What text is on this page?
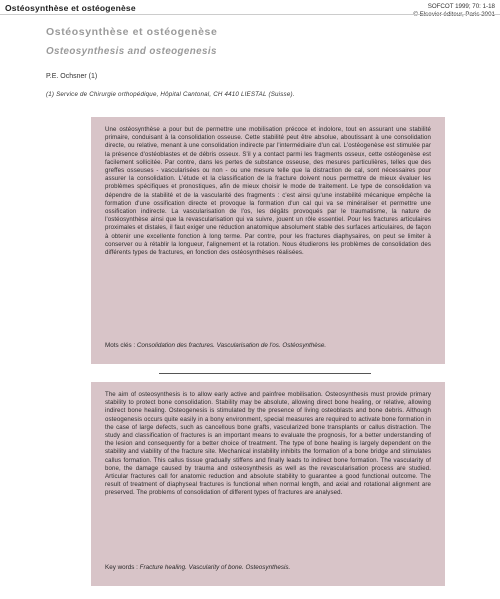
Ostéosynthèse et ostéogenèse	SOFCOT 1999; 70: 1-18
© Elsevier éditeur, Paris 2001
Ostéosynthèse et ostéogenèse
Osteosynthesis and osteogenesis
P.E. Ochsner (1)
(1) Service de Chirurgie orthopédique, Hôpital Cantonal, CH 4410 LIESTAL (Suisse).
Une ostéosynthèse a pour but de permettre une mobilisation précoce et indolore, tout en assurant une stabilité primaire, conduisant à la consolidation osseuse. Cette stabilité peut être absolue, aboutissant à une consolidation directe, ou relative, menant à une consolidation indirecte par l'intermédiaire d'un cal. L'ostéogenèse est stimulée par la présence d'ostéoblastes et de débris osseux. S'il y a contact parmi les fragments osseux, cette ostéogenèse est facilement sollicitée. Par contre, dans les pertes de substance osseuse, des mesures particulières, telles que des greffes osseuses - vascularisées ou non - ou une mesure telle que la distraction de cal, sont nécessaires pour assurer la consolidation. L'étude et la classification de la fracture doivent nous permettre de mieux évaluer les problèmes spécifiques et pronostiques, afin de mieux choisir le mode de traitement. Le type de consolidation va dépendre de la stabilité et de la vascularité des fragments : c'est ainsi qu'une instabilité mécanique empêche la formation d'une ossification directe et provoque la formation d'un cal qui va se minéraliser et permettre une ossification indirecte. La vascularisation de l'os, les dégâts provoqués par le traumatisme, la nature de l'ostéosynthèse ainsi que la revascularisation qui va suivre, jouent un rôle essentiel. Pour les fractures articulaires proximales et distales, il faut exiger une réduction anatomique absolument stable des surfaces articulaires, de façon à obtenir une excellente fonction à long terme. Par contre, pour les fractures diaphysaires, on peut se limiter à conserver ou à rétablir la longueur, l'alignement et la rotation. Nous étudierons les problèmes de consolidation des différents types de fractures, en fonction des ostéosynthèses réalisées.
Mots clés : Consolidation des fractures. Vascularisation de l'os. Ostéosynthèse.
The aim of osteosynthesis is to allow early active and painfree mobilisation. Osteosynthesis must provide primary stability to protect bone consolidation. Stability may be absolute, allowing direct bone healing, or relative, allowing indirect bone healing. Osteogenesis is stimulated by the presence of living osteoblasts and bone debris. Although osteogenesis occurs quite easily in a bony environment, special measures are required to activate bone formation in the case of large defects, such as cancellous bone grafts, vascularized bone transplants or callus distraction. The study and classification of fractures is an important means to evaluate the prognosis, for a better understanding of the lesion and consequently for a better choice of treatment. The type of bone healing is largely dependent on the stability and viability of the fracture site. Mechanical instability inhibits the formation of a bone bridge and stimulates callus formation. This callus tissue gradually stiffens and finally leads to indirect bone formation. The vascularity of bone, the damage caused by trauma and osteosynthesis as well as the revascularisation process are studied. Articular fractures call for anatomic reduction and absolute stability to guarantee a good functional outcome. The result of treatment of diaphyseal fractures is functional when normal length, and axial and rotational alignment are preserved. The problems of consolidation of different types of fractures are analysed.
Key words : Fracture healing. Vascularity of bone. Osteosynthesis.
